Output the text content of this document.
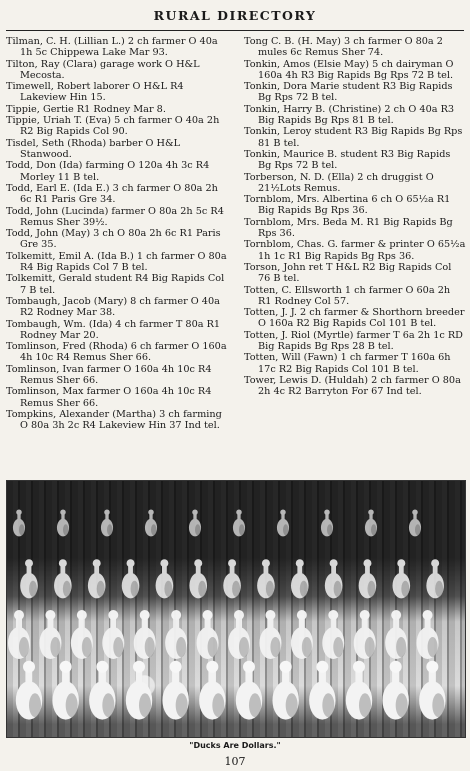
RURAL DIRECTORY
Tilman, C. H. (Lillian L.) 2 ch farmer O 40a 1h 5c Chippewa Lake Mar 93.
Tilton, Ray (Clara) garage work O H&L Mecosta.
Timewell, Robert laborer O H&L R4 Lakeview Hin 15.
Tippie, Gertie R1 Rodney Mar 8.
Tippie, Uriah T. (Eva) 5 ch farmer O 40a 2h R2 Big Rapids Col 90.
Tisdel, Seth (Rhoda) barber O H&L Stanwood.
Todd, Don (Ida) farming O 120a 4h 3c R4 Morley 11 B tel.
Todd, Earl E. (Ida E.) 3 ch farmer O 80a 2h 6c R1 Paris Gre 34.
Todd, John (Lucinda) farmer O 80a 2h 5c R4 Remus Sher 39½.
Todd, John (May) 3 ch O 80a 2h 6c R1 Paris Gre 35.
Tolkemitt, Emil A. (Ida B.) 1 ch farmer O 80a R4 Big Rapids Col 7 B tel.
Tolkemitt, Gerald student R4 Big Rapids Col 7 B tel.
Tombaugh, Jacob (Mary) 8 ch farmer O 40a R2 Rodney Mar 38.
Tombaugh, Wm. (Ida) 4 ch farmer T 80a R1 Rodney Mar 20.
Tomlinson, Fred (Rhoda) 6 ch farmer O 160a 4h 10c R4 Remus Sher 66.
Tomlinson, Ivan farmer O 160a 4h 10c R4 Remus Sher 66.
Tomlinson, Max farmer O 160a 4h 10c R4 Remus Sher 66.
Tompkins, Alexander (Martha) 3 ch farming O 80a 3h 2c R4 Lakeview Hin 37 Ind tel.
Tong C. B. (H. May) 3 ch farmer O 80a 2 mules 6c Remus Sher 74.
Tonkin, Amos (Elsie May) 5 ch dairyman O 160a 4h R3 Big Rapids Bg Rps 72 B tel.
Tonkin, Dora Marie student R3 Big Rapids Bg Rps 72 B tel.
Tonkin, Harry B. (Christine) 2 ch O 40a R3 Big Rapids Bg Rps 81 B tel.
Tonkin, Leroy student R3 Big Rapids Bg Rps 81 B tel.
Tonkin, Maurice B. student R3 Big Rapids Bg Rps 72 B tel.
Torberson, N. D. (Ella) 2 ch druggist O 21½Lots Remus.
Tornblom, Mrs. Albertina 6 ch O 65½a R1 Big Rapids Bg Rps 36.
Tornblom, Mrs. Beda M. R1 Big Rapids Bg Rps 36.
Tornblom, Chas. G. farmer & printer O 65½a 1h 1c R1 Big Rapids Bg Rps 36.
Torson, John ret T H&L R2 Big Rapids Col 76 B tel.
Totten, C. Ellsworth 1 ch farmer O 60a 2h R1 Rodney Col 57.
Totten, J. J. 2 ch farmer & Shorthorn breeder O 160a R2 Big Rapids Col 101 B tel.
Totten, J. Riol (Myrtle) farmer T 6a 2h 1c RD Big Rapids Bg Rps 28 B tel.
Totten, Will (Fawn) 1 ch farmer T 160a 6h 17c R2 Big Rapids Col 101 B tel.
Tower, Lewis D. (Huldah) 2 ch farmer O 80a 2h 4c R2 Barryton For 67 Ind tel.
"Ducks Are Dollars."
107
